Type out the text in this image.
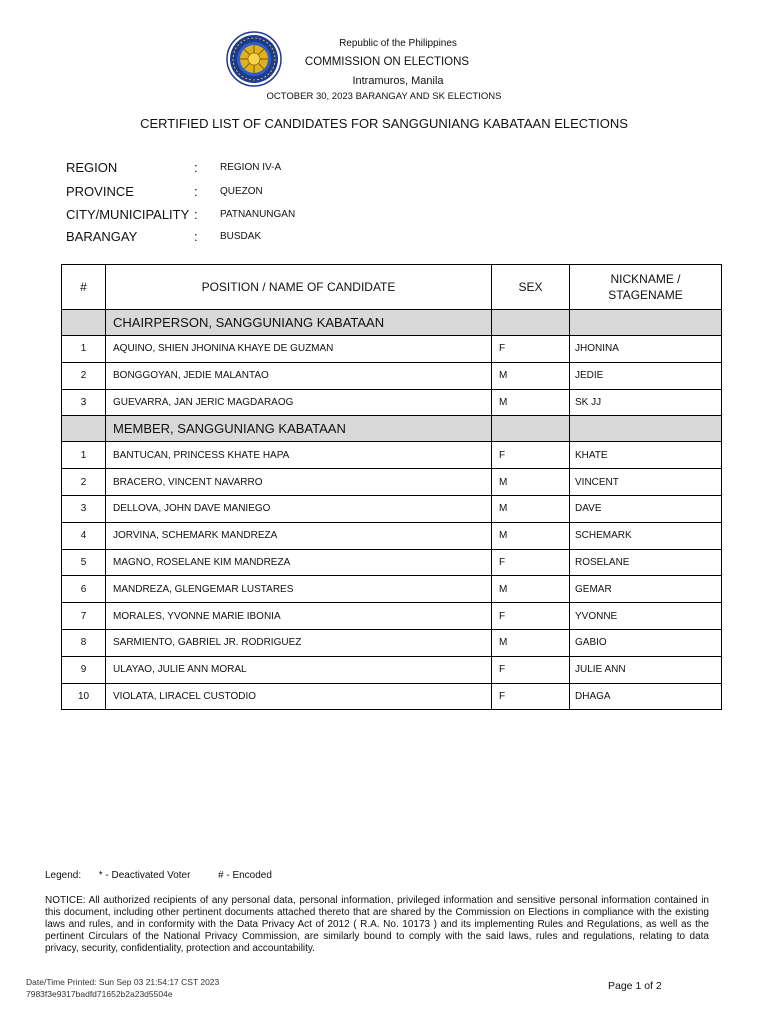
Republic of the Philippines
COMMISSION ON ELECTIONS
Intramuros, Manila
OCTOBER 30, 2023 BARANGAY AND SK ELECTIONS
CERTIFIED LIST OF CANDIDATES FOR SANGGUNIANG KABATAAN ELECTIONS
REGION	: REGION IV-A
PROVINCE	: QUEZON
CITY/MUNICIPALITY : PATNANUNGAN
BARANGAY	: BUSDAK
#	POSITION / NAME OF CANDIDATE	SEX	NICKNAME /
STAGENAME

	CHAIRPERSON, SANGGUNIANG KABATAAN		
1	AQUINO, SHIEN JHONINA KHAYE DE GUZMAN	F	JHONINA
2	BONGGOYAN, JEDIE MALANTAO	M	JEDIE
3	GUEVARRA, JAN JERIC MAGDARAOG	M	SK JJ
	MEMBER, SANGGUNIANG KABATAAN		
1	BANTUCAN, PRINCESS KHATE HAPA	F	KHATE
2	BRACERO, VINCENT NAVARRO	M	VINCENT
3	DELLOVA, JOHN DAVE MANIEGO	M	DAVE
4	JORVINA, SCHEMARK MANDREZA	M	SCHEMARK
5	MAGNO, ROSELANE KIM MANDREZA	F	ROSELANE
6	MANDREZA, GLENGEMAR LUSTARES	M	GEMAR
7	MORALES, YVONNE MARIE IBONIA	F	YVONNE
8	SARMIENTO, GABRIEL JR. RODRIGUEZ	M	GABIO
9	ULAYAO, JULIE ANN MORAL	F	JULIE ANN
10	VIOLATA, LIRACEL CUSTODIO	F	DHAGA
Legend: * - Deactivated Voter	# - Encoded
NOTICE: All authorized recipients of any personal data, personal information, privileged information and sensitive personal information contained in this document, including other pertinent documents attached thereto that are shared by the Commission on Elections in compliance with the existing laws and rules, and in conformity with the Data Privacy Act of 2012 ( R.A. No. 10173 ) and its implementing Rules and Regulations, as well as the pertinent Circulars of the National Privacy Commission, are similarly bound to comply with the said laws, rules and regulations, relating to data privacy, security, confidentiality, protection and accountability.
Date/Time Printed: Sun Sep 03 21:54:17 CST 2023
7983f3e9317badfd71652b2a23d5504e
Page 1 of 2
